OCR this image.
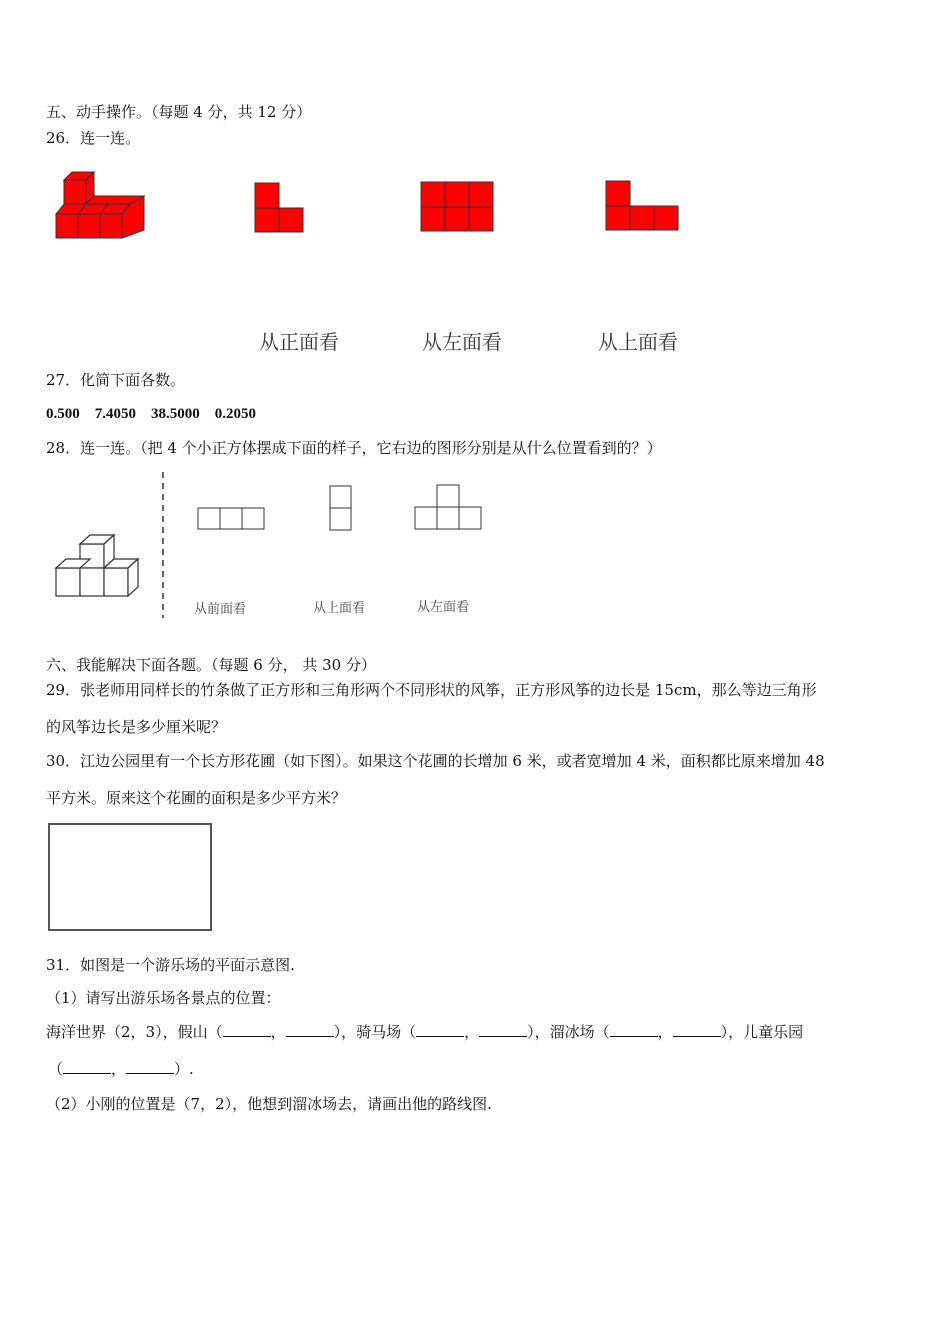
五、动手操作。（每题 4 分，共 12 分）
26．连一连。
从正面看	从左面看	从上面看
27．化简下面各数。
0.500　7.4050　38.5000　0.2050
28．连一连。（把 4 个小正方体摆成下面的样子，它右边的图形分别是从什么位置看到的？）
从前面看	从上面看	从左面看
六、我能解决下面各题。（每题 6 分， 共 30 分）
29．张老师用同样长的竹条做了正方形和三角形两个不同形状的风筝，正方形风筝的边长是 15cm，那么等边三角形
的风筝边长是多少厘米呢？
30．江边公园里有一个长方形花圃（如下图）。如果这个花圃的长增加 6 米，或者宽增加 4 米，面积都比原来增加 48
平方米。原来这个花圃的面积是多少平方米？
31．如图是一个游乐场的平面示意图.
（1）请写出游乐场各景点的位置：
海洋世界（2，3），假山（	，	），骑马场（	，	），溜冰场（	，	），儿童乐园
（	，	）.
（2）小刚的位置是（7，2），他想到溜冰场去，请画出他的路线图.
